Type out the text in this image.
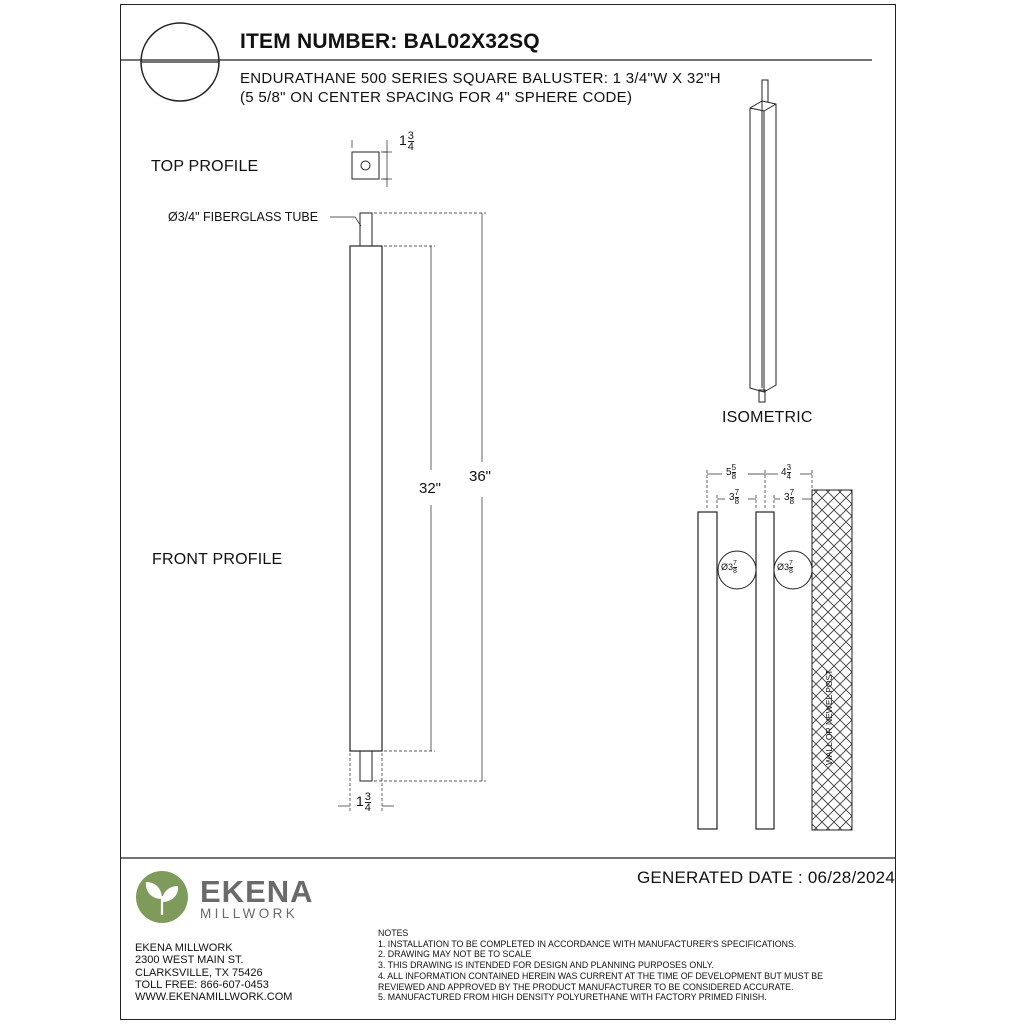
ITEM NUMBER: BAL02X32SQ
ENDURATHANE 500 SERIES SQUARE BALUSTER: 1 3/4"W X 32"H
(5 5/8" ON CENTER SPACING FOR 4" SPHERE CODE)
TOP PROFILE
FRONT PROFILE
ISOMETRIC
Ø3/4" FIBERGLASS TUBE
WALL OR NEWEL POST
$1 \frac{3}{4}$
32"
36"
$1 \frac{3}{4}$
$5 \frac{5}{8}$	$4 \frac{3}{4}$
$3 \frac{7}{8}$	$3 \frac{7}{8}$
Ø3 $\frac{7}{8}$	Ø3 $\frac{7}{8}$
GENERATED DATE : 06/28/2024
EKENA
MILLWORK
EKENA MILLWORK
2300 WEST MAIN ST.
CLARKSVILLE, TX 75426
TOLL FREE: 866-607-0453
WWW.EKENAMILLWORK.COM
NOTES
1. INSTALLATION TO BE COMPLETED IN ACCORDANCE WITH MANUFACTURER'S SPECIFICATIONS.
2. DRAWING MAY NOT BE TO SCALE
3. THIS DRAWING IS INTENDED FOR DESIGN AND PLANNING PURPOSES ONLY.
4. ALL INFORMATION CONTAINED HEREIN WAS CURRENT AT THE TIME OF DEVELOPMENT BUT MUST BE
REVIEWED AND APPROVED BY THE PRODUCT MANUFACTURER TO BE CONSIDERED ACCURATE.
5. MANUFACTURED FROM HIGH DENSITY POLYURETHANE WITH FACTORY PRIMED FINISH.
